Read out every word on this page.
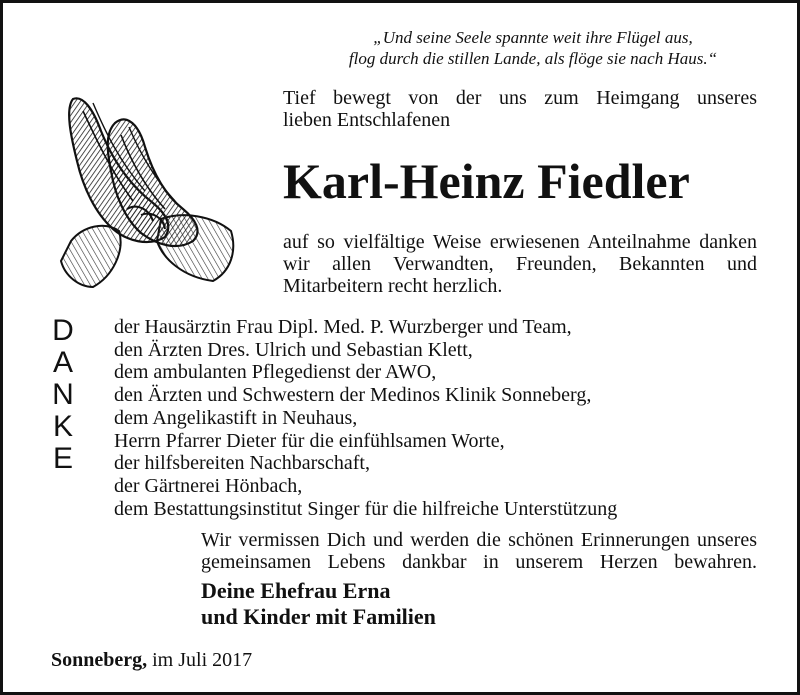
„Und seine Seele spannte weit ihre Flügel aus,
flog durch die stillen Lande, als flöge sie nach Haus.“
Tief bewegt von der uns zum Heimgang unseres
lieben Entschlafenen
Karl-Heinz Fiedler
auf so vielfältige Weise erwiesenen Anteilnahme danken
wir allen Verwandten, Freunden, Bekannten und
Mitarbeitern recht herzlich.
D
A
N
K
E
der Hausärztin Frau Dipl. Med. P. Wurzberger und Team,
den Ärzten Dres. Ulrich und Sebastian Klett,
dem ambulanten Pflegedienst der AWO,
den Ärzten und Schwestern der Medinos Klinik Sonneberg,
dem Angelikastift in Neuhaus,
Herrn Pfarrer Dieter für die einfühlsamen Worte,
der hilfsbereiten Nachbarschaft,
der Gärtnerei Hönbach,
dem Bestattungsinstitut Singer für die hilfreiche Unterstützung
Wir vermissen Dich und werden die schönen Erinnerungen unseres
gemeinsamen Lebens dankbar in unserem Herzen bewahren.
Deine Ehefrau Erna
und Kinder mit Familien
Sonneberg, im Juli 2017
